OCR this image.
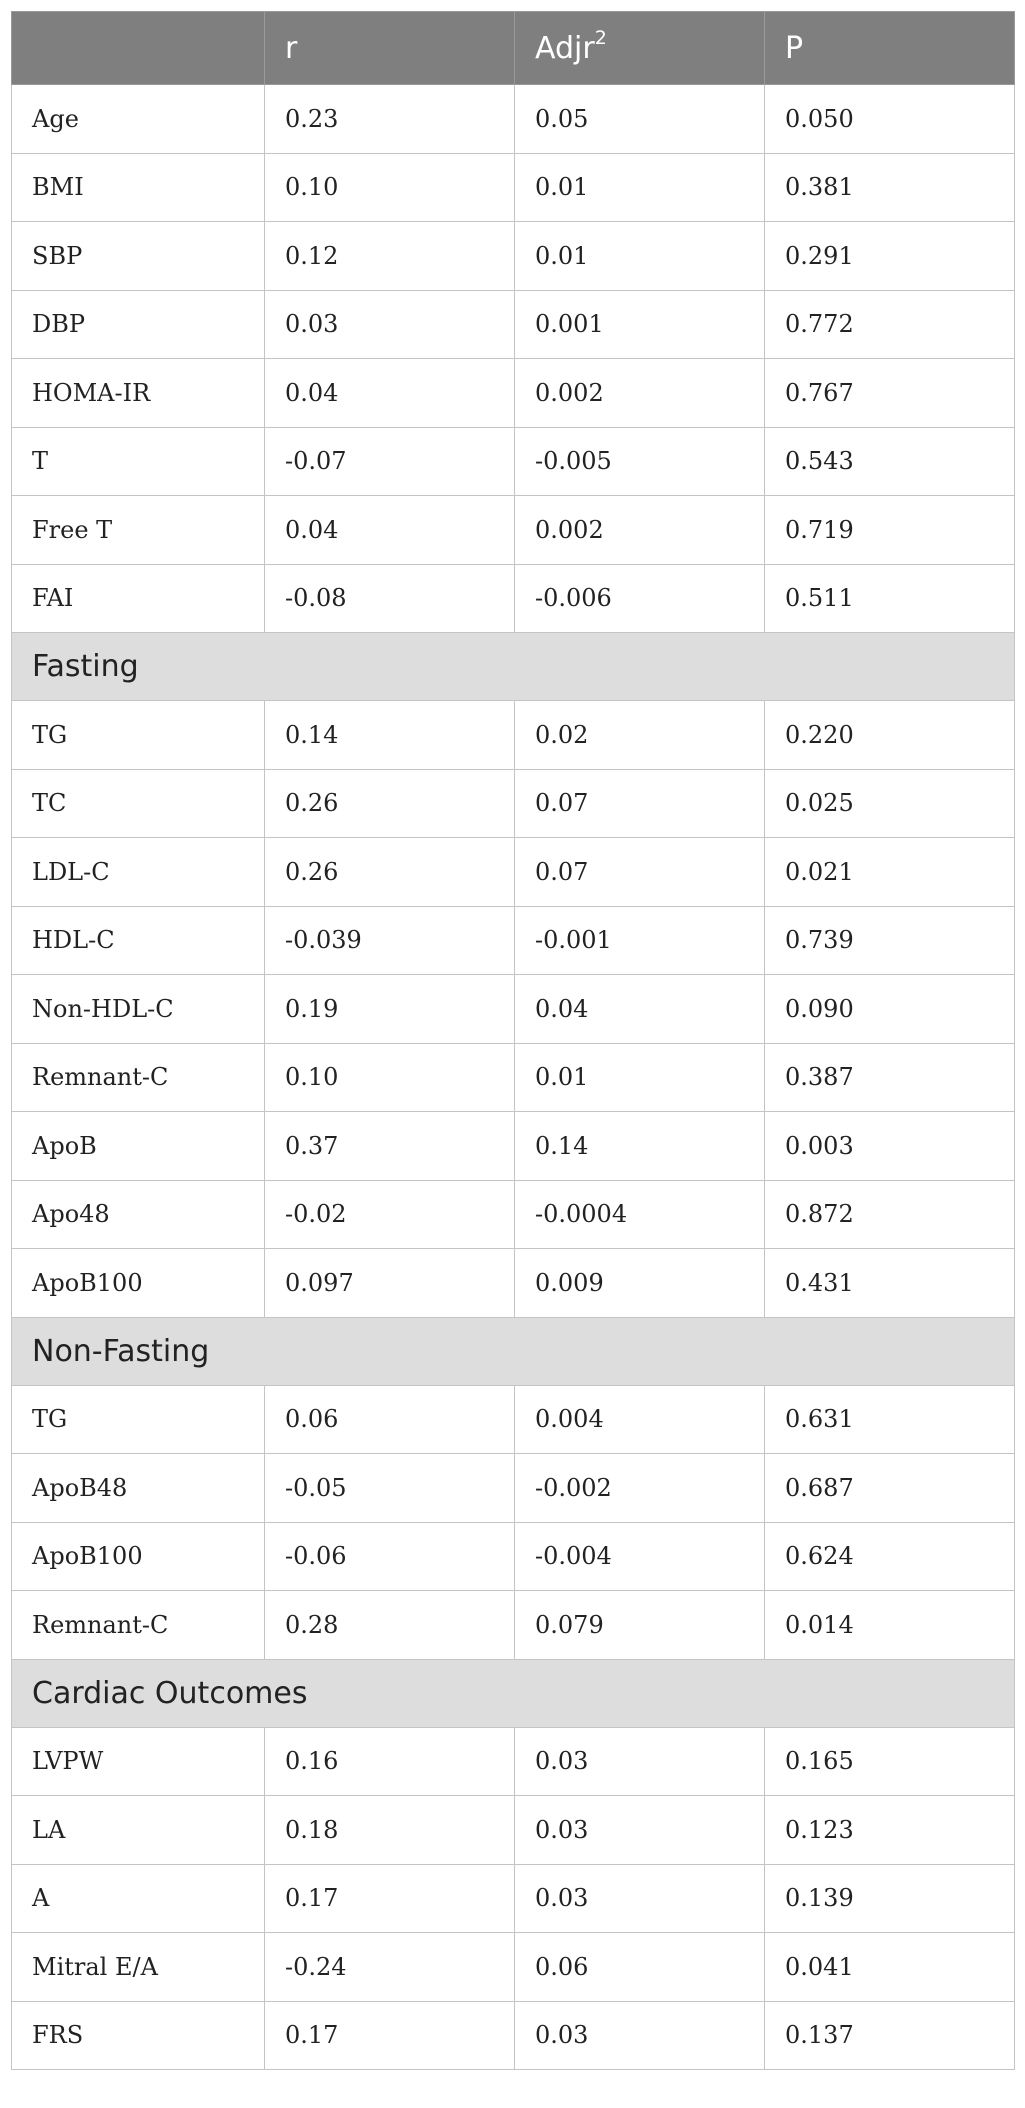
	r	Adjr$^2$	P
Age	0.23	0.05	0.050
BMI	0.10	0.01	0.381
SBP	0.12	0.01	0.291
DBP	0.03	0.001	0.772
HOMA-IR	0.04	0.002	0.767
T	-0.07	-0.005	0.543
Free T	0.04	0.002	0.719
FAI	-0.08	-0.006	0.511
Fasting			
TG	0.14	0.02	0.220
TC	0.26	0.07	0.025
LDL-C	0.26	0.07	0.021
HDL-C	-0.039	-0.001	0.739
Non-HDL-C	0.19	0.04	0.090
Remnant-C	0.10	0.01	0.387
ApoB	0.37	0.14	0.003
Apo48	-0.02	-0.0004	0.872
ApoB100	0.097	0.009	0.431
Non-Fasting			
TG	0.06	0.004	0.631
ApoB48	-0.05	-0.002	0.687
ApoB100	-0.06	-0.004	0.624
Remnant-C	0.28	0.079	0.014
Cardiac Outcomes			
LVPW	0.16	0.03	0.165
LA	0.18	0.03	0.123
A	0.17	0.03	0.139
Mitral E/A	-0.24	0.06	0.041
FRS	0.17	0.03	0.137
